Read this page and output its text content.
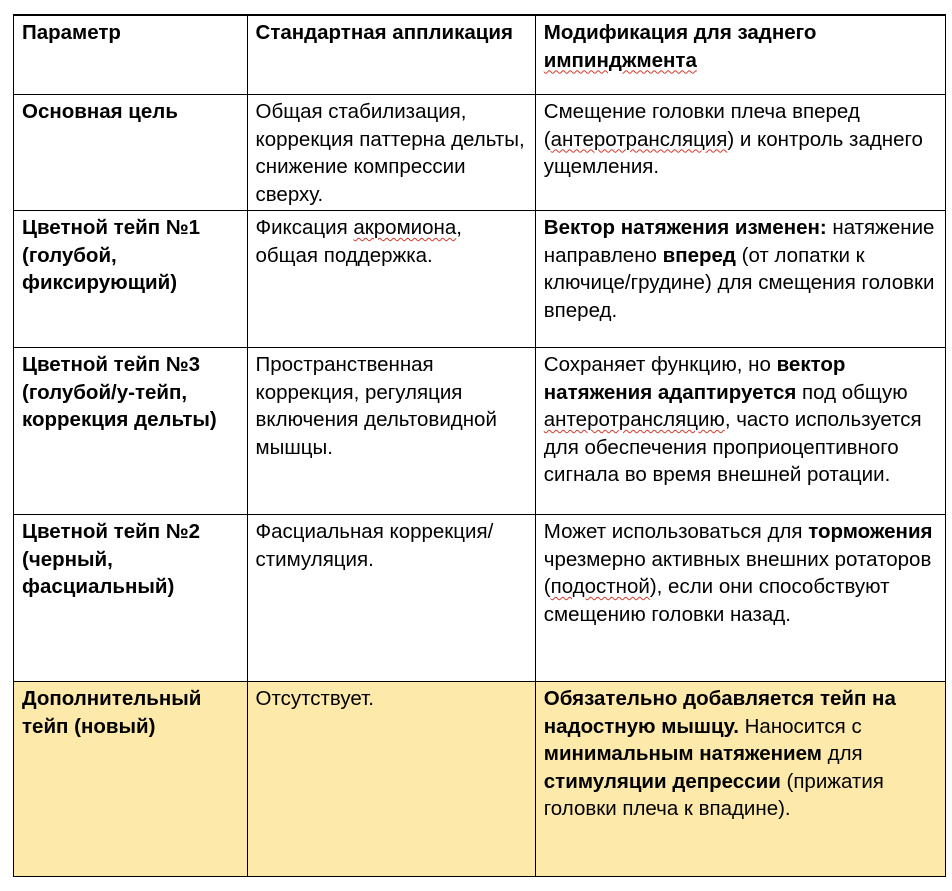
Параметр	Стандартная аппликация	Модификация для заднего импинджмента
Основная цель	Общая стабилизация, коррекция паттерна дельты, снижение компрессии сверху.	Смещение головки плеча вперед (антеротрансляция) и контроль заднего ущемления.
Цветной тейп №1 (голубой, фиксирующий)	Фиксация акромиона, общая поддержка.	Вектор натяжения изменен: натяжение направлено вперед (от лопатки к ключице/грудине) для смещения головки вперед.
Цветной тейп №3 (голубой/у-тейп, коррекция дельты)	Пространственная коррекция, регуляция включения дельтовидной мышцы.	Сохраняет функцию, но вектор натяжения адаптируется под общую антеротрансляцию, часто используется для обеспечения проприоцептивного сигнала во время внешней ротации.
Цветной тейп №2 (черный, фасциальный)	Фасциальная коррекция/стимуляция.	Может использоваться для торможения чрезмерно активных внешних ротаторов (подостной), если они способствуют смещению головки назад.
Дополнительный тейп (новый)	Отсутствует.	Обязательно добавляется тейп на надостную мышцу. Наносится с минимальным натяжением для стимуляции депрессии (прижатия головки плеча к впадине).
